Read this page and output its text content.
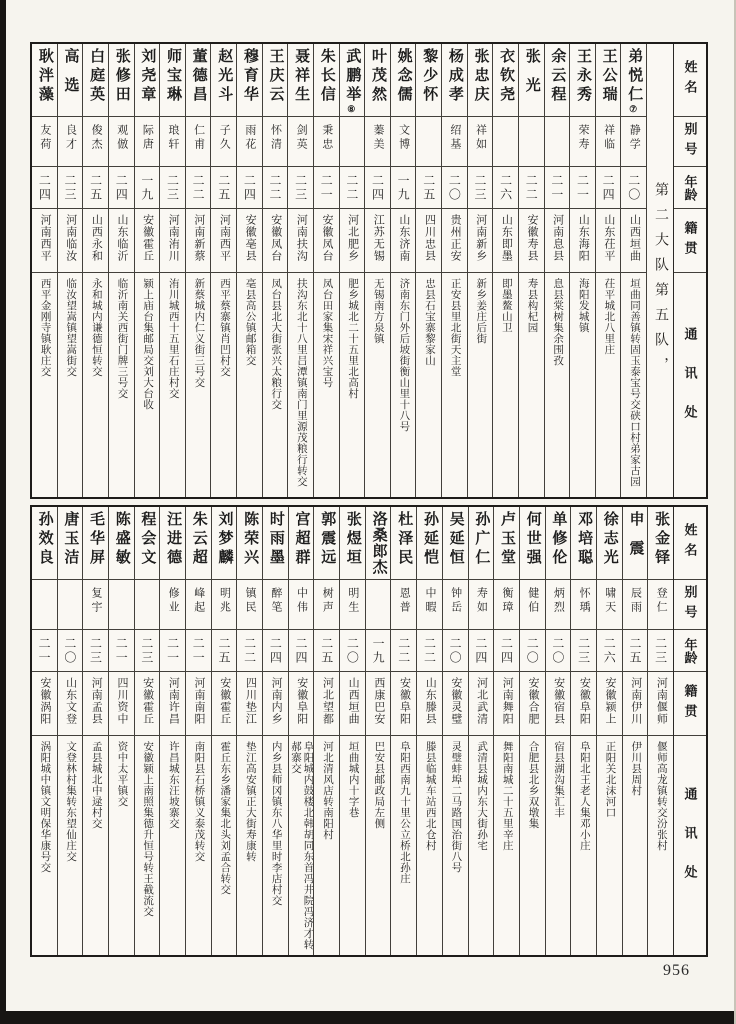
弟悦仁⑦
静学
二〇
山西垣曲
垣曲同善镇转固玉泰宝号交硖口村弟家古园
王公瑞
祥临
二四
山东茌平
茌平城北八里庄
王永秀
荣寿
二一
山东海阳
海阳发城镇
余云程
二一
河南息县
息县棠树集余围孜
张光
二二
安徽寿县
寿县构杞园
衣钦尧
二六
山东即墨
即墨鳌山卫
张忠庆
祥如
二三
河南新乡
新乡姜庄后街
杨成孝
绍基
二〇
贵州正安
正安县里北街天主堂
黎少怀
二五
四川忠县
忠县石宝寨黎家山
姚念儒
文博
一九
山东济南
济南东门外后坡街衡山里十八号
叶茂然
蓁美
二四
江苏无锡
无锡南方泉镇
武鹏举⑧
二二
河北肥乡
肥乡城北二十五里北高村
朱长信
秉忠
二一
安徽凤台
凤台田家集宋祥兴宝号
聂祥生
剑英
二三
河南扶沟
扶沟东北十八里吕潭镇南门里源茂粮行转交
王庆云
怀清
二二
安徽凤台
凤台县北大街张兴太粮行交
穆育华
雨花
二四
安徽亳县
亳县高公镇邮箱交
赵光斗
子久
二五
河南西平
西平蔡寨镇肖凹村交
董德昌
仁甫
二二
河南新蔡
新蔡城内仁义街三号交
师宝琳
琅轩
二三
河南洧川
洧川城西十五里石庄村交
刘尧章
际唐
一九
安徽霍丘
颍上庙台集邮局交刘大台收
张修田
观倣
二四
山东临沂
临沂南关西街门牌三号交
白庭英
俊杰
二五
山西永和
永和城内谦德恒转交
高选
良才
二三
河南临汝
临汝望嵩镇望嵩街交
耿泮藻
友荷
二四
河南西平
西平金刚寺镇耿庄交	第二大队第五队，
姓名
别号
年龄
籍贯
通讯处
张金铎
登仁
二三
河南偃师
偃师高龙镇转交汾张村
申震
辰雨
二五
河南伊川
伊川县周村
徐志光
啸天
二六
安徽颍上
正阳关北沫河口
邓培聪
怀瑀
二三
安徽阜阳
阜阳北王老人集邓小庄
单修伦
炳烈
二〇
安徽宿县
宿县湖沟集汇丰
何世强
健伯
二〇
安徽合肥
合肥县北乡双墩集
卢玉堂
衡璋
二四
河南舞阳
舞阳南城二十五里辛庄
孙广仁
寿如
二四
河北武清
武清县城内东大街孙宅
吴延恒
钟岳
二〇
安徽灵璧
灵璧蚌埠二马路国治街八号
孙延恺
中暇
二二
山东滕县
滕县临城车站西北仓村
杜泽民
恩普
二二
安徽阜阳
阜阳西南九十里公立桥北孙庄
洛桑郎杰
一九
西康巴安
巴安县邮政局左侧
张煜垣
明生
二〇
山西垣曲
垣曲城内十字巷
郭震远
树声
二五
河北望都
河北清风店转南阳村
宫超群
中伟
二四
安徽阜阳
阜阳城内鼓楼北韩胡同东首冯井院冯济才转郝寨交
时雨墨
醉笔
二四
河南内乡
内乡县师冈镇东八华里时李店村交
陈荣兴
镇民
二二
四川垫江
垫江高安镇正大街寿康转
刘梦麟
明兆
二五
安徽霍丘
霍丘东乡潘家集北头刘孟合转交
朱云超
峰起
二一
河南南阳
南阳县石桥镇义泰茂转交
汪进德
修业
二一
河南许昌
许昌城东汪坡寨交
程会文
二三
安徽霍丘
安徽颍上南照集德升恒号转王截流交
陈盛敏
二一
四川资中
资中太平镇交
毛华屏
复宇
二三
河南孟县
孟县城北中逯村交
唐玉洁
二〇
山东文登
文登林村集转东望仙庄交
孙效良
二一
安徽涡阳
涡阳城中镇文明保华康号交
姓名
别号
年龄
籍贯
通讯处
956
